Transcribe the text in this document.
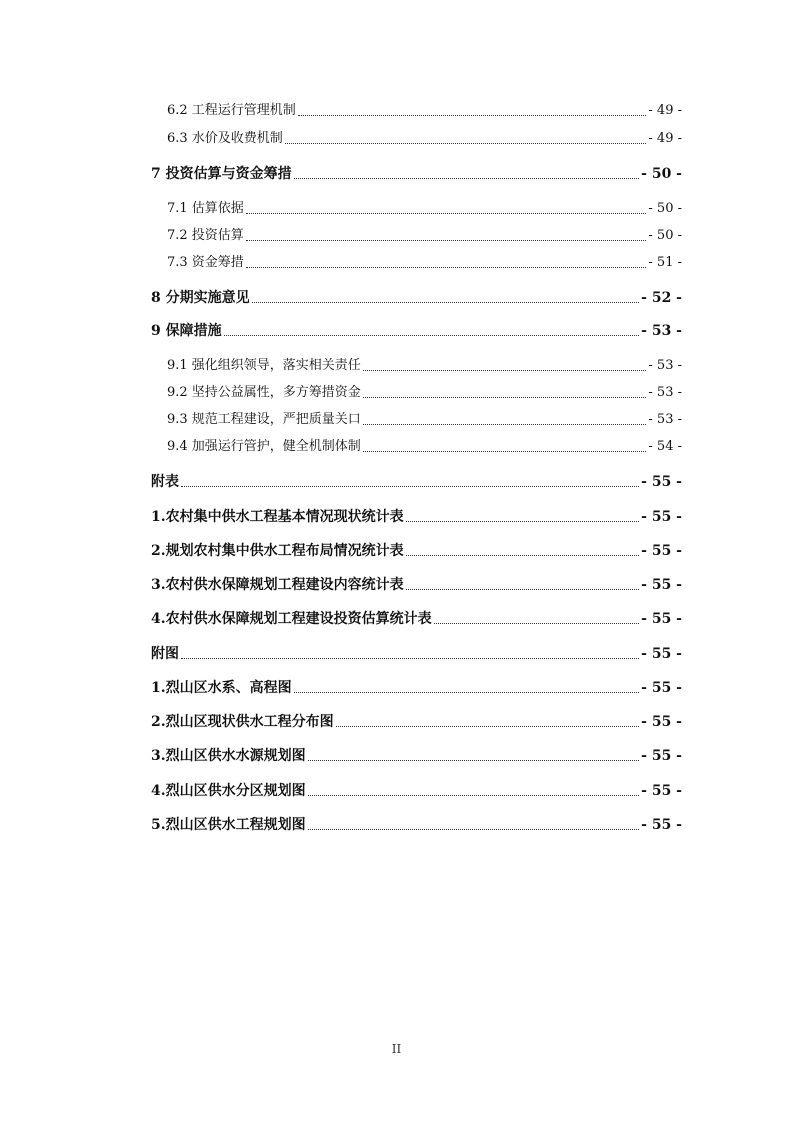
6.2 工程运行管理机制	- 49 -
6.3 水价及收费机制	- 49 -
7 投资估算与资金筹措	- 50 -
7.1 估算依据	- 50 -
7.2 投资估算	- 50 -
7.3 资金筹措	- 51 -
8 分期实施意见	- 52 -
9 保障措施	- 53 -
9.1 强化组织领导，落实相关责任	- 53 -
9.2 坚持公益属性，多方筹措资金	- 53 -
9.3 规范工程建设，严把质量关口	- 53 -
9.4 加强运行管护，健全机制体制	- 54 -
附表	- 55 -
1.农村集中供水工程基本情况现状统计表	- 55 -
2.规划农村集中供水工程布局情况统计表	- 55 -
3.农村供水保障规划工程建设内容统计表	- 55 -
4.农村供水保障规划工程建设投资估算统计表	- 55 -
附图	- 55 -
1.烈山区水系、高程图	- 55 -
2.烈山区现状供水工程分布图	- 55 -
3.烈山区供水水源规划图	- 55 -
4.烈山区供水分区规划图	- 55 -
5.烈山区供水工程规划图	- 55 -
II
